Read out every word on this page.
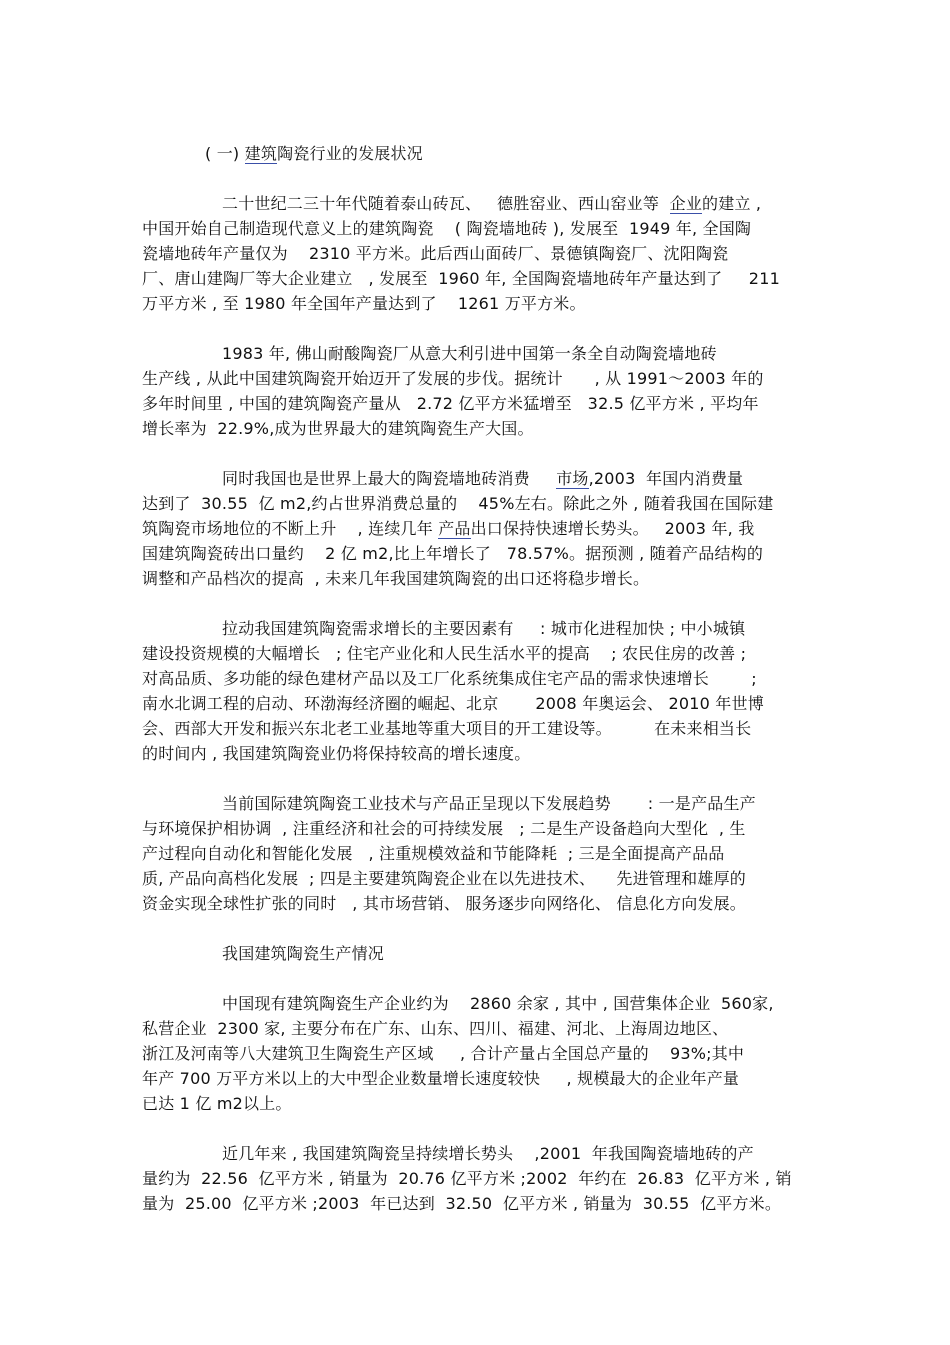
( 一) 建筑陶瓷行业的发展状况
二十世纪二三十年代随着泰山砖瓦、   德胜窑业、西山窑业等  企业的建立 ,
中国开始自己制造现代意义上的建筑陶瓷    ( 陶瓷墙地砖 ), 发展至  1949 年, 全国陶
瓷墙地砖年产量仅为    2310 平方米。此后西山面砖厂、景德镇陶瓷厂、沈阳陶瓷
厂、唐山建陶厂等大企业建立   , 发展至  1960 年, 全国陶瓷墙地砖年产量达到了     211
万平方米 , 至 1980 年全国年产量达到了    1261 万平方米。
1983 年, 佛山耐酸陶瓷厂从意大利引进中国第一条全自动陶瓷墙地砖
生产线 , 从此中国建筑陶瓷开始迈开了发展的步伐。据统计      , 从 1991～2003 年的
多年时间里 , 中国的建筑陶瓷产量从   2.72 亿平方米猛增至   32.5 亿平方米 , 平均年
增长率为  22.9%,成为世界最大的建筑陶瓷生产大国。
同时我国也是世界上最大的陶瓷墙地砖消费     市场,2003  年国内消费量
达到了  30.55  亿 m2,约占世界消费总量的    45%左右。除此之外 , 随着我国在国际建
筑陶瓷市场地位的不断上升    , 连续几年 产品出口保持快速增长势头。   2003 年, 我
国建筑陶瓷砖出口量约    2 亿 m2,比上年增长了   78.57%。据预测 , 随着产品结构的
调整和产品档次的提高  , 未来几年我国建筑陶瓷的出口还将稳步增长。
拉动我国建筑陶瓷需求增长的主要因素有     : 城市化进程加快 ; 中小城镇
建设投资规模的大幅增长   ; 住宅产业化和人民生活水平的提高    ; 农民住房的改善 ;
对高品质、多功能的绿色建材产品以及工厂化系统集成住宅产品的需求快速增长        ;
南水北调工程的启动、环渤海经济圈的崛起、北京       2008 年奥运会、 2010 年世博
会、西部大开发和振兴东北老工业基地等重大项目的开工建设等。        在未来相当长
的时间内 , 我国建筑陶瓷业仍将保持较高的增长速度。
当前国际建筑陶瓷工业技术与产品正呈现以下发展趋势       : 一是产品生产
与环境保护相协调  , 注重经济和社会的可持续发展   ; 二是生产设备趋向大型化  , 生
产过程向自动化和智能化发展   , 注重规模效益和节能降耗  ; 三是全面提高产品品
质, 产品向高档化发展  ; 四是主要建筑陶瓷企业在以先进技术、    先进管理和雄厚的
资金实现全球性扩张的同时   , 其市场营销、 服务逐步向网络化、 信息化方向发展。
我国建筑陶瓷生产情况
中国现有建筑陶瓷生产企业约为    2860 余家 , 其中 , 国营集体企业  560家,
私营企业  2300 家, 主要分布在广东、山东、四川、福建、河北、上海周边地区、
浙江及河南等八大建筑卫生陶瓷生产区域     , 合计产量占全国总产量的    93%;其中
年产 700 万平方米以上的大中型企业数量增长速度较快     , 规模最大的企业年产量
已达 1 亿 m2以上。
近几年来 , 我国建筑陶瓷呈持续增长势头    ,2001  年我国陶瓷墙地砖的产
量约为  22.56  亿平方米 , 销量为  20.76 亿平方米 ;2002  年约在  26.83  亿平方米 , 销
量为  25.00  亿平方米 ;2003  年已达到  32.50  亿平方米 , 销量为  30.55  亿平方米。
